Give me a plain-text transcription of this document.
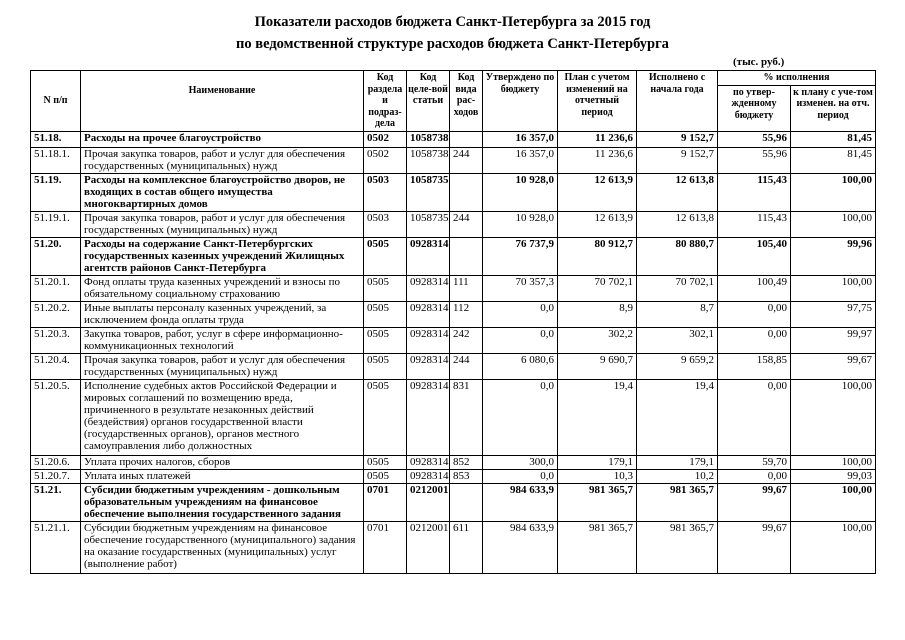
Показатели расходов бюджета Санкт-Петербурга за 2015 год
по ведомственной структуре расходов бюджета Санкт-Петербурга
(тыс. руб.)
N п/п	Наименование	Код раздела и подраз-дела	Код целе-вой статьи	Код вида рас-ходов	Утверждено по бюджету	План с учетом изменений на отчетный период	Исполнено с начала года	% исполнения	
								по утвер-жденному бюджету	к плану с уче-том изменен. на отч. период
51.18.	Расходы на прочее благоустройство	0502	1058738		16 357,0	11 236,6	9 152,7	55,96	81,45
51.18.1.	Прочая закупка товаров, работ и услуг для обеспечения государственных (муниципальных) нужд	0502	1058738	244	16 357,0	11 236,6	9 152,7	55,96	81,45
51.19.	Расходы на комплексное благоустройство дворов, не входящих в состав общего имущества многоквартирных домов	0503	1058735		10 928,0	12 613,9	12 613,8	115,43	100,00
51.19.1.	Прочая закупка товаров, работ и услуг для обеспечения государственных (муниципальных) нужд	0503	1058735	244	10 928,0	12 613,9	12 613,8	115,43	100,00
51.20.	Расходы на содержание Санкт-Петербургских государственных казенных учреждений Жилищных агентств районов Санкт-Петербурга	0505	0928314		76 737,9	80 912,7	80 880,7	105,40	99,96
51.20.1.	Фонд оплаты труда казенных учреждений и взносы по обязательному социальному страхованию	0505	0928314	111	70 357,3	70 702,1	70 702,1	100,49	100,00
51.20.2.	Иные выплаты персоналу казенных учреждений, за исключением фонда оплаты труда	0505	0928314	112	0,0	8,9	8,7	0,00	97,75
51.20.3.	Закупка товаров, работ, услуг в сфере информационно-коммуникационных технологий	0505	0928314	242	0,0	302,2	302,1	0,00	99,97
51.20.4.	Прочая закупка товаров, работ и услуг для обеспечения государственных (муниципальных) нужд	0505	0928314	244	6 080,6	9 690,7	9 659,2	158,85	99,67
51.20.5.	Исполнение судебных актов Российской Федерации и мировых соглашений по возмещению вреда, причиненного в результате незаконных действий (бездействия) органов государственной власти (государственных органов), органов местного самоуправления либо должностных	0505	0928314	831	0,0	19,4	19,4	0,00	100,00
51.20.6.	Уплата прочих налогов, сборов	0505	0928314	852	300,0	179,1	179,1	59,70	100,00
51.20.7.	Уплата иных платежей	0505	0928314	853	0,0	10,3	10,2	0,00	99,03
51.21.	Субсидии бюджетным учреждениям - дошкольным образовательным учреждениям на финансовое обеспечение выполнения государственного задания	0701	0212001		984 633,9	981 365,7	981 365,7	99,67	100,00
51.21.1.	Субсидии бюджетным учреждениям на финансовое обеспечение государственного (муниципального) задания на оказание государственных (муниципальных) услуг (выполнение работ)	0701	0212001	611	984 633,9	981 365,7	981 365,7	99,67	100,00
